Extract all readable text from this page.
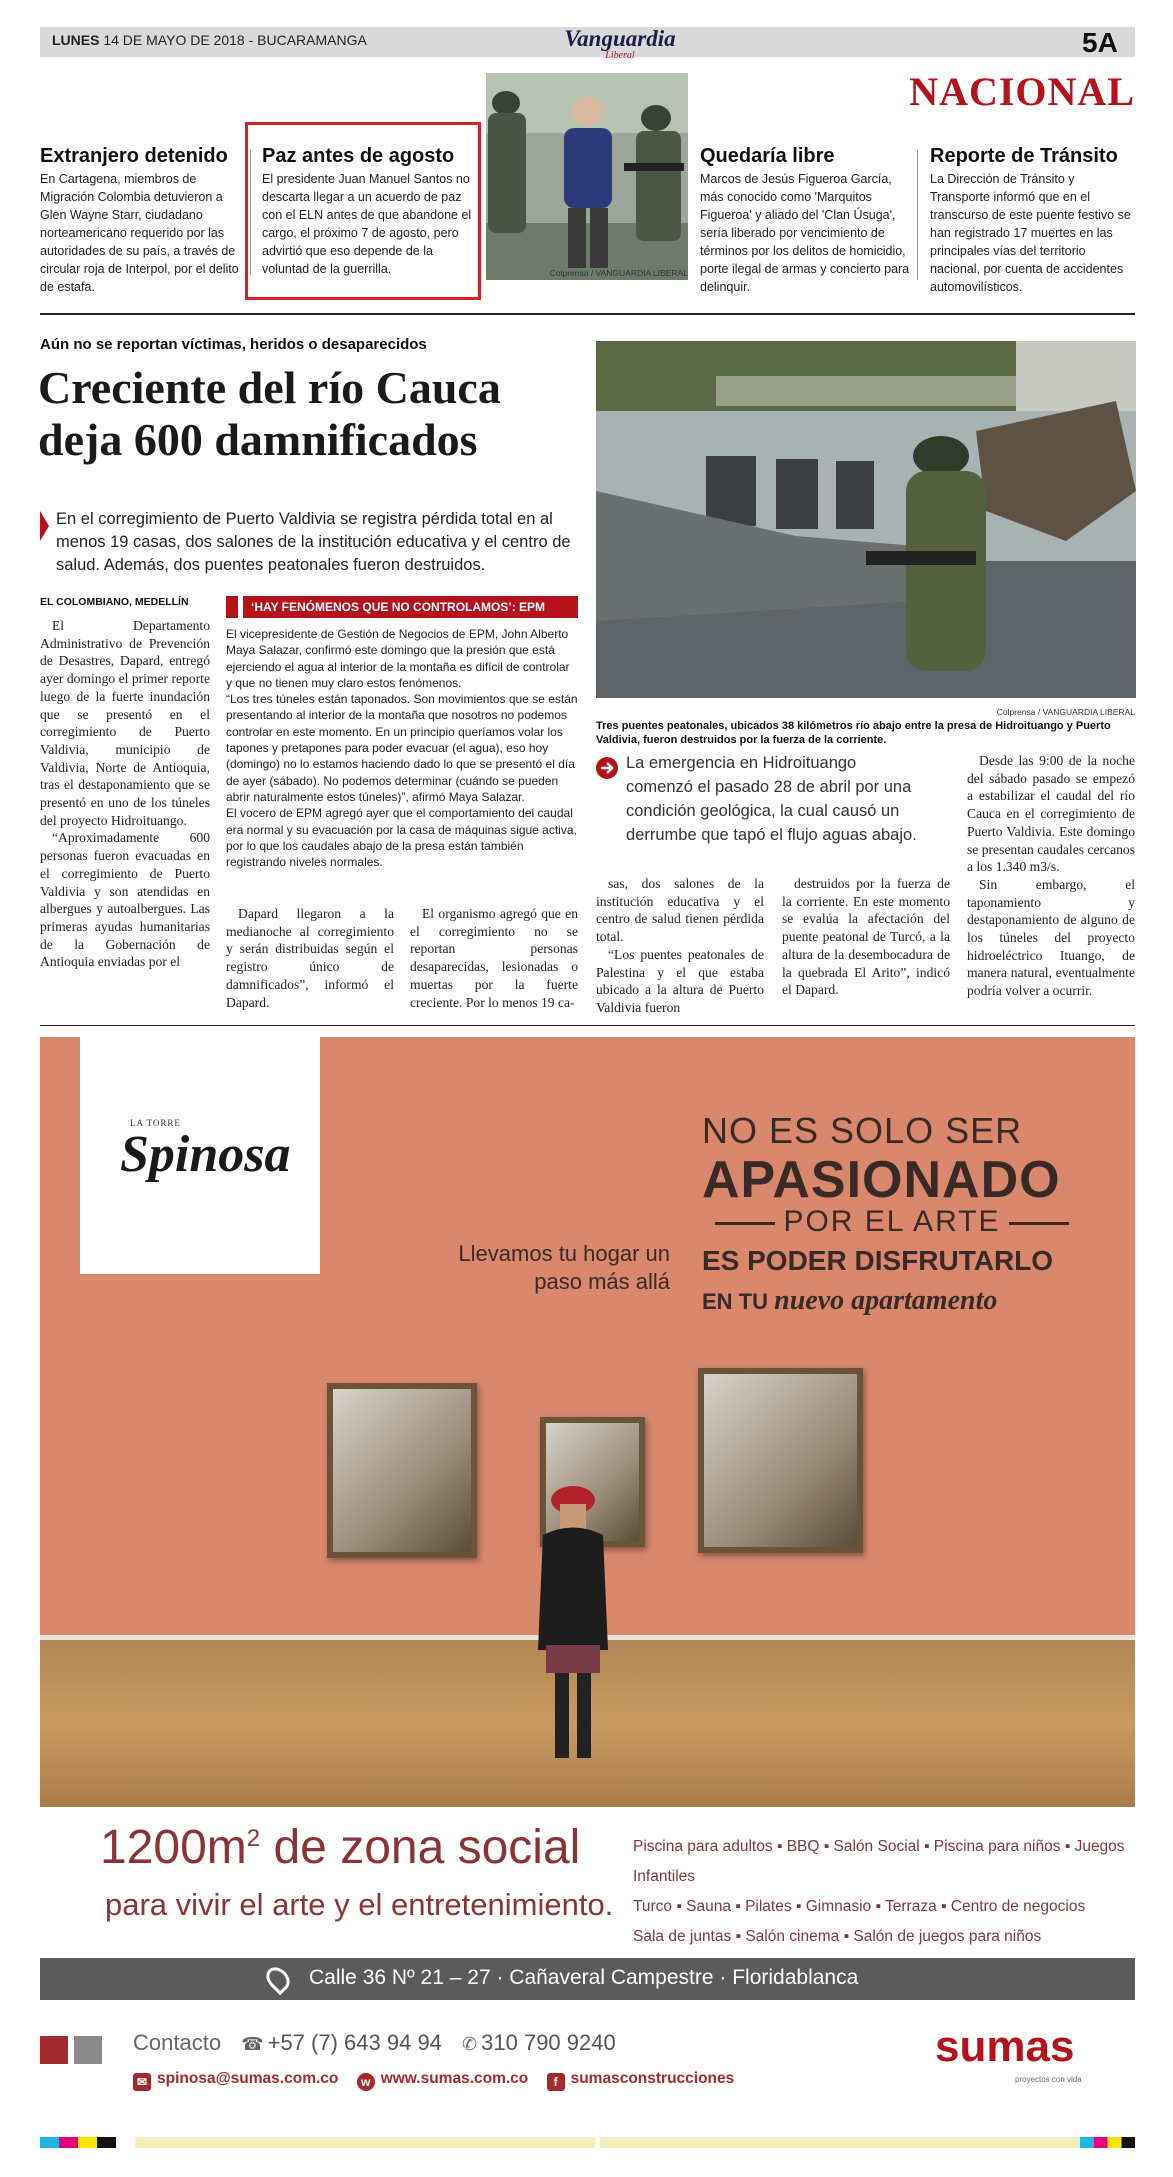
LUNES 14 DE MAYO DE 2018 - BUCARAMANGA	Vanguardia
Liberal	5A
NACIONAL
Extranjero detenido
En Cartagena, miembros de Migración Colombia detuvieron a Glen Wayne Starr, ciudadano norteamericano requerido por las autoridades de su país, a través de circular roja de Interpol, por el delito de estafa.
Paz antes de agosto
El presidente Juan Manuel Santos no descarta llegar a un acuerdo de paz con el ELN antes de que abandone el cargo, el próximo 7 de agosto, pero advirtió que eso depende de la voluntad de la guerrilla.	Colprensa / VANGUARDIA LIBERAL
Quedaría libre
Marcos de Jesús Figueroa García, más conocido como 'Marquitos Figueroa' y aliado del 'Clan Úsuga', sería liberado por vencimiento de términos por los delitos de homicidio, porte ilegal de armas y concierto para delinquir.
Reporte de Tránsito
La Dirección de Tránsito y Transporte informó que en el transcurso de este puente festivo se han registrado 17 muertes en las principales vías del territorio nacional, por cuenta de accidentes automovilísticos.
Aún no se reportan víctimas, heridos o desaparecidos
Creciente del río Cauca deja 600 damnificados
En el corregimiento de Puerto Valdivia se registra pérdida total en al menos 19 casas, dos salones de la institución educativa y el centro de salud. Además, dos puentes peatonales fueron destruidos.
EL COLOMBIANO, MEDELLÍN

El Departamento Administrativo de Prevención de Desastres, Dapard, entregó ayer domingo el primer reporte luego de la fuerte inundación que se presentó en el corregimiento de Puerto Valdivia, municipio de Valdivia, Norte de Antioquia, tras el destaponamiento que se presentó en uno de los túneles del proyecto Hidroituango.

“Aproximadamente 600 personas fueron evacuadas en el corregimiento de Puerto Valdivia y son atendidas en albergues y autoalbergues. Las primeras ayudas humanitarias de la Gobernación de Antioquia enviadas por el

‘HAY FENÓMENOS QUE NO CONTROLAMOS’: EPM

El vicepresidente de Gestión de Negocios de EPM, John Alberto Maya Salazar, confirmó este domingo que la presión que está ejerciendo el agua al interior de la montaña es difícil de controlar y que no tienen muy claro estos fenómenos.

“Los tres túneles están taponados. Son movimientos que se están presentando al interior de la montaña que nosotros no podemos controlar en este momento. En un principio queríamos volar los tapones y pretapones para poder evacuar (el agua), eso hoy (domingo) no lo estamos haciendo dado lo que se presentó el día de ayer (sábado). No podemos determinar (cuándo se pueden abrir naturalmente estos túneles)”, afirmó Maya Salazar.

El vocero de EPM agregó ayer que el comportamiento del caudal era normal y su evacuación por la casa de máquinas sigue activa, por lo que los caudales abajo de la presa están también registrando niveles normales.

Dapard llegaron a la medianoche al corregimiento y serán distribuidas según el registro único de damnificados”, informó el Dapard.

El organismo agregó que en el corregimiento no se reportan personas desaparecidas, lesionadas o muertas por la fuerte creciente. Por lo menos 19 ca-

Colprensa / VANGUARDIA LIBERAL
Tres puentes peatonales, ubicados 38 kilómetros río abajo entre la presa de Hidroituango y Puerto Valdivia, fueron destruidos por la fuerza de la corriente.
La emergencia en Hidroituango comenzó el pasado 28 de abril por una condición geológica, la cual causó un derrumbe que tapó el flujo aguas abajo.

sas, dos salones de la institución educativa y el centro de salud tienen pérdida total.

“Los puentes peatonales de Palestina y el que estaba ubicado a la altura de Puerto Valdivia fueron

destruidos por la fuerza de la corriente. En este momento se evalúa la afectación del puente peatonal de Turcó, a la altura de la desembocadura de la quebrada El Arito”, indicó el Dapard.

Desde las 9:00 de la noche del sábado pasado se empezó a estabilizar el caudal del río Cauca en el corregimiento de Puerto Valdivia. Este domingo se presentan caudales cercanos a los 1.340 m3/s.

Sin embargo, el taponamiento y destaponamiento de alguno de los túneles del proyecto hidroeléctrico Ituango, de manera natural, eventualmente podría volver a ocurrir.

LA TORRE
Spinosa	NO ES SOLO SER
APASIONADO
POR EL ARTE
ES PODER DISFRUTARLO
EN TU nuevo apartamento
Llevamos tu hogar un paso más allá
$1200m^2$ de zona social
para vivir el arte y el entretenimiento.
Piscina para adultos ▪ BBQ ▪ Salón Social ▪ Piscina para niños ▪ Juegos Infantiles
Turco ▪ Sauna ▪ Pilates ▪ Gimnasio ▪ Terraza ▪ Centro de negocios
Sala de juntas ▪ Salón cinema ▪ Salón de juegos para niños
Calle 36 Nº 21 – 27 · Cañaveral Campestre · Floridablanca
Contacto ☎ +57 (7) 643 94 94 ✆ 310 790 9240
✉ spinosa@sumas.com.co w www.sumas.com.co f sumasconstrucciones
sumas
proyectos con vida
